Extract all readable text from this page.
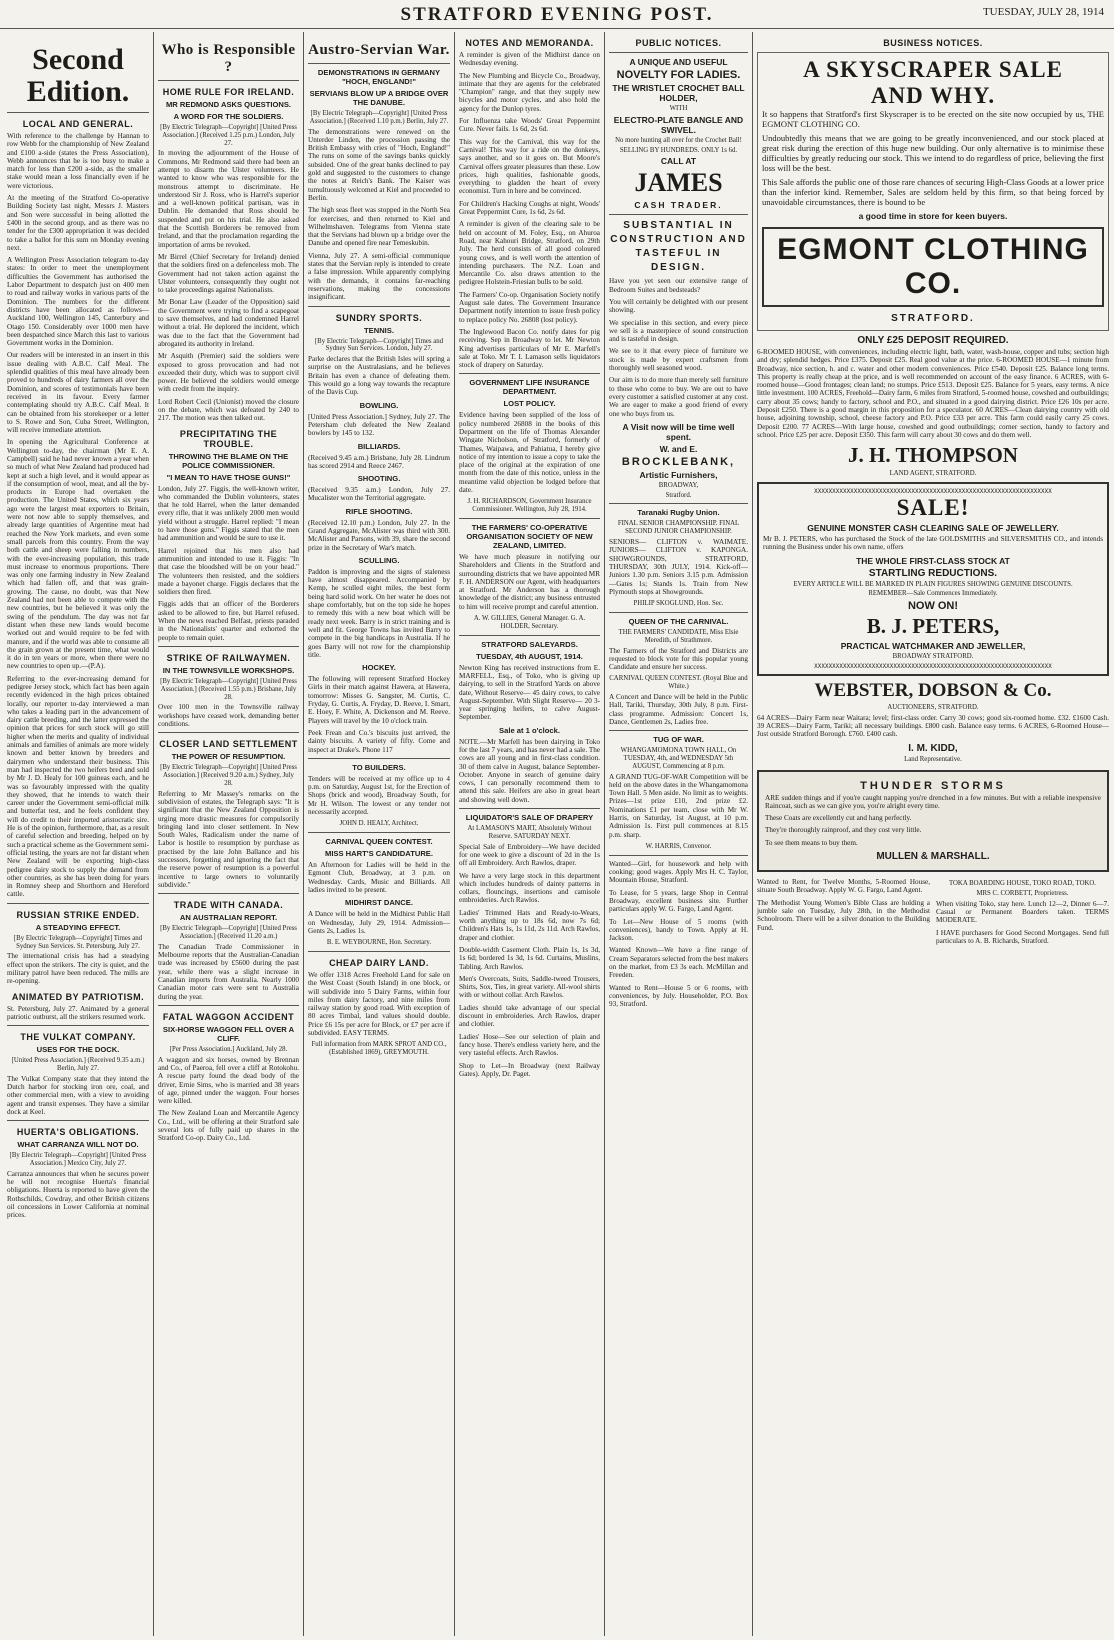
STRATFORD EVENING POST.	TUESDAY, JULY 28, 1914
Second Edition.
LOCAL AND GENERAL.

With reference to the challenge by Hannan to row Webb for the championship of New Zealand and £100 a-side (states the Press Association), Webb announces that he is too busy to make a match for less than £200 a-side, as the smaller stake would mean a loss financially even if he were victorious.

At the meeting of the Stratford Co-operative Building Society last night, Messrs J. Masters and Son were successful in being allotted the £400 in the second group, and as there was no tender for the £300 appropriation it was decided to take a ballot for this sum on Monday evening next.

A Wellington Press Association telegram to-day states: In order to meet the unemployment difficulties the Government has authorised the Labor Department to despatch just on 400 men to road and railway works in various parts of the Dominion. The numbers for the different districts have been allocated as follows—Auckland 100, Wellington 145, Canterbury and Otago 150. Considerably over 1000 men have been despatched since March this last to various Government works in the Dominion.

Our readers will be interested in an insert in this issue dealing with A.B.C. Calf Meal. The splendid qualities of this meal have already been proved to hundreds of dairy farmers all over the Dominion, and scores of testimonials have been received in its favour. Every farmer contemplating should try A.B.C. Calf Meal. It can be obtained from his storekeeper or a letter to S. Rowe and Son, Cuba Street, Wellington, will receive immediate attention.

In opening the Agricultural Conference at Wellington to-day, the chairman (Mr E. A. Campbell) said he had never known a year when so much of what New Zealand had produced had kept at such a high level, and it would appear as if the consumption of wool, meat, and all the by-products in Europe had overtaken the production. The United States, which six years ago were the largest meat exporters to Britain, were not now able to supply themselves, and already large quantities of Argentine meat had reached the New York markets, and even some small parcels from this country. From the way both cattle and sheep were falling in numbers, with the ever-increasing population, this trade must increase to enormous proportions. There was only one farming industry in New Zealand which had fallen off, and that was grain-growing. The cause, no doubt, was that New Zealand had not been able to compete with the new countries, but he believed it was only the swing of the pendulum. The day was not far distant when these new lands would become worked out and would require to be fed with manure, and if the world was able to consume all the grain grown at the present time, what would it do in ten years or more, when there were no new countries to open up.—(P.A).

Referring to the ever-increasing demand for pedigree Jersey stock, which fact has been again recently evidenced in the high prices obtained locally, our reporter to-day interviewed a man who takes a leading part in the advancement of dairy cattle breeding, and the latter expressed the opinion that prices for such stock will go still higher when the merits and quality of individual animals and families of animals are more widely known and better known by breeders and dairymen who understand their business. This man had inspected the two heifers bred and sold by Mr J. D. Healy for 100 guineas each, and he was so favourably impressed with the quality they showed, that he intends to watch their career under the Government semi-official milk and butterfat test, and he feels confident they will do credit to their imported aristocratic sire. He is of the opinion, furthermore, that, as a result of careful selection and breeding, helped on by such a practical scheme as the Government semi-official testing, the years are not far distant when New Zealand will be exporting high-class pedigree dairy stock to supply the demand from other countries, as she has been doing for years in Romney sheep and Shorthorn and Hereford cattle.

RUSSIAN STRIKE ENDED.
A STEADYING EFFECT.
[By Electric Telegraph—Copyright] Times and Sydney Sun Services. St. Petersburg, July 27.

The international crisis has had a steadying effect upon the strikers. The city is quiet, and the military patrol have been reduced. The mills are re-opening.

ANIMATED BY PATRIOTISM.

St. Petersburg, July 27. Animated by a general patriotic outburst, all the strikers resumed work.

THE VULKAT COMPANY.
USES FOR THE DOCK.
[United Press Association.] (Received 9.35 a.m.) Berlin, July 27.

The Vulkat Company state that they intend the Dutch harbor for stocking iron ore, coal, and other commercial men, with a view to avoiding agent and transit expenses. They have a similar dock at Keel.

HUERTA'S OBLIGATIONS.
WHAT CARRANZA WILL NOT DO.
[By Electric Telegraph—Copyright] [United Press Association.] Mexico City, July 27.

Carranza announces that when he secures power he will not recognise Huerta's financial obligations. Huerta is reported to have given the Rothschilds, Cowdray, and other British citizens oil concessions in Lower California at nominal prices.

Who is Responsible ?
HOME RULE FOR IRELAND.
MR REDMOND ASKS QUESTIONS.
A WORD FOR THE SOLDIERS.
[By Electric Telegraph—Copyright] [United Press Association.] (Received 1.25 p.m.) London, July 27.

In moving the adjournment of the House of Commons, Mr Redmond said there had been an attempt to disarm the Ulster volunteers. He wanted to know who was responsible for the monstrous attempt to discriminate. He understood Sir J. Ross, who is Harrel's superior and a well-known political partisan, was in Dublin. He demanded that Ross should be suspended and put on his trial. He also asked that the Scottish Borderers be removed from Ireland, and that the proclamation regarding the importation of arms be revoked.

Mr Birrel (Chief Secretary for Ireland) denied that the soldiers fired on a defenceless mob. The Government had not taken action against the Ulster volunteers, consequently they ought not to take proceedings against Nationalists.

Mr Bonar Law (Leader of the Opposition) said the Government were trying to find a scapegoat to save themselves, and had condemned Harrel without a trial. He deplored the incident, which was due to the fact that the Government had abrogated its authority in Ireland.

Mr Asquith (Premier) said the soldiers were exposed to gross provocation and had not exceeded their duty, which was to support civil power. He believed the soldiers would emerge with credit from the inquiry.

Lord Robert Cecil (Unionist) moved the closure on the debate, which was defeated by 240 to 217. The motion was then talked out.

PRECIPITATING THE TROUBLE.
THROWING THE BLAME ON THE POLICE COMMISSIONER.
"I MEAN TO HAVE THOSE GUNS!"

London, July 27. Figgis, the well-known writer, who commanded the Dublin volunteers, states that he told Harrel, when the latter demanded every rifle, that it was unlikely 2000 men would yield without a struggle. Harrel replied: "I mean to have those guns." Figgis stated that the men had ammunition and would be sure to use it.

Harrel rejoined that his men also had ammunition and intended to use it. Figgis: "In that case the bloodshed will be on your head." The volunteers then resisted, and the soldiers made a bayonet charge. Figgis declares that the soldiers then fired.

Figgis adds that an officer of the Borderers asked to be allowed to fire, but Harrel refused. When the news reached Belfast, priests paraded in the Nationalists' quarter and exhorted the people to remain quiet.

STRIKE OF RAILWAYMEN.
IN THE TOWNSVILLE WORKSHOPS.
[By Electric Telegraph—Copyright] [United Press Association.] (Received 1.55 p.m.) Brisbane, July 28.

Over 100 men in the Townsville railway workshops have ceased work, demanding better conditions.

CLOSER LAND SETTLEMENT
THE POWER OF RESUMPTION.
[By Electric Telegraph—Copyright] [United Press Association.] (Received 9.20 a.m.) Sydney, July 28.

Referring to Mr Massey's remarks on the subdivision of estates, the Telegraph says: "It is significant that the New Zealand Opposition is urging more drastic measures for compulsorily bringing land into closer settlement. In New South Wales, Radicalism under the name of Labor is hostile to resumption by purchase as practised by the late John Ballance and his successors, forgetting and ignoring the fact that the reserve power of resumption is a powerful incentive to large owners to voluntarily subdivide."

TRADE WITH CANADA.
AN AUSTRALIAN REPORT.
[By Electric Telegraph—Copyright] [United Press Association.] (Received 11.20 a.m.)

The Canadian Trade Commissioner in Melbourne reports that the Australian-Canadian trade was increased by £5600 during the past year, while there was a slight increase in Canadian imports from Australia. Nearly 1000 Canadian motor cars were sent to Australia during the year.

FATAL WAGGON ACCIDENT
SIX-HORSE WAGGON FELL OVER A CLIFF.
[Per Press Association.] Auckland, July 28.

A waggon and six horses, owned by Brennan and Co., of Paeroa, fell over a cliff at Rotokohu. A rescue party found the dead body of the driver, Ernie Sims, who is married and 38 years of age, pinned under the waggon. Four horses were killed.

The New Zealand Loan and Mercantile Agency Co., Ltd., will be offering at their Stratford sale several lots of fully paid up shares in the Stratford Co-op. Dairy Co., Ltd.

Austro-Servian War.
DEMONSTRATIONS IN GERMANY "HOCH, ENGLAND!"
SERVIANS BLOW UP A BRIDGE OVER THE DANUBE.
[By Electric Telegraph—Copyright] [United Press Association.] (Received 1.10 p.m.) Berlin, July 27.

The demonstrations were renewed on the Unterder Linden, the procession passing the British Embassy with cries of "Hoch, England!" The runs on some of the savings banks quickly subsided. One of the great banks declined to pay gold and suggested to the customers to change the notes at Reich's Bank. The Kaiser was tumultuously welcomed at Kiel and proceeded to Berlin.

The high seas fleet was stopped in the North Sea for exercises, and then returned to Kiel and Wilhelmshaven. Telegrams from Vienna state that the Servians had blown up a bridge over the Danube and opened fire near Temeskubin.

Vienna, July 27. A semi-official communique states that the Servian reply is intended to create a false impression. While apparently complying with the demands, it contains far-reaching reservations, making the concessions insignificant.

SUNDRY SPORTS.
TENNIS.
[By Electric Telegraph—Copyright] Times and Sydney Sun Services. London, July 27.

Parke declares that the British Isles will spring a surprise on the Australasians, and he believes Britain has even a chance of defeating them. This would go a long way towards the recapture of the Davis Cup.

BOWLING.

[United Press Association.] Sydney, July 27. The Petersham club defeated the New Zealand bowlers by 145 to 132.

BILLIARDS.

(Received 9.45 a.m.) Brisbane, July 28. Lindrum has scored 2914 and Reece 2467.

SHOOTING.

(Received 9.35 a.m.) London, July 27. Mucalister won the Territorial aggregate.

RIFLE SHOOTING.

(Received 12.10 p.m.) London, July 27. In the Grand Aggregate, McAlister was third with 300. McAlister and Parsons, with 39, share the second prize in the Secretary of War's match.

SCULLING.

Paddon is improving and the signs of staleness have almost disappeared. Accompanied by Kemp, he sculled eight miles, the best form being hard solid work. On her water he does not shape comfortably, but on the top side he hopes to remedy this with a new boat which will be ready next week. Barry is in strict training and is well and fit. George Towns has invited Barry to compete in the big handicaps in Australia. If he goes Barry will not row for the championship title.

HOCKEY.

The following will represent Stratford Hockey Girls in their match against Hawera, at Hawera, tomorrow: Misses G. Sangster, M. Curtis, C. Fryday, G. Curtis, A. Fryday, D. Reeve, I. Smart, E. Hoey, F. White, A. Dickenson and M. Reeve. Players will travel by the 10 o'clock train.

Peek Frean and Co.'s biscuits just arrived, the dainty biscuits. A variety of fifty. Come and inspect at Drake's. Phone 117

TO BUILDERS.

Tenders will be received at my office up to 4 p.m. on Saturday, August 1st, for the Erection of Shops (brick and wood), Broadway South, for Mr H. Wilson. The lowest or any tender not necessarily accepted.

JOHN D. HEALY, Architect.
CARNIVAL QUEEN CONTEST.
MISS HART'S CANDIDATURE.

An Afternoon for Ladies will be held in the Egmont Club, Broadway, at 3 p.m. on Wednesday. Cards, Music and Billiards. All ladies invited to be present.

MIDHIRST DANCE.

A Dance will be held in the Midhirst Public Hall on Wednesday, July 29, 1914. Admission—Gents 2s, Ladies 1s.

B. E. WEYBOURNE, Hon. Secretary.
CHEAP DAIRY LAND.

We offer 1318 Acres Freehold Land for sale on the West Coast (South Island) in one block, or will subdivide into 5 Dairy Farms, within four miles from dairy factory, and nine miles from railway station by good road. With exception of 80 acres Timbal, land values should double. Price £6 15s per acre for Block, or £7 per acre if subdivided. EASY TERMS.

Full information from MARK SPROT AND CO., (Established 1869), GREYMOUTH.
NOTES AND MEMORANDA.

A reminder is given of the Midhirst dance on Wednesday evening.

The New Plumbing and Bicycle Co., Broadway, intimate that they are agents for the celebrated "Champion" range, and that they supply new bicycles and motor cycles, and also hold the agency for the Dunlop tyres.

For Influenza take Woods' Great Peppermint Cure. Never fails. 1s 6d, 2s 6d.

This way for the Carnival, this way for the Carnival! This way for a ride on the donkeys, says another, and so it goes on. But Moore's Carnival offers greater pleasures than these. Low prices, high qualities, fashionable goods, everything to gladden the heart of every economist. Turn in here and be convinced.

For Children's Hacking Coughs at night, Woods' Great Peppermint Cure, 1s 6d, 2s 6d.

A reminder is given of the clearing sale to be held on account of M. Foley, Esq., on Ahuroa Road, near Kahouri Bridge, Stratford, on 29th July. The herd consists of all good coloured young cows, and is well worth the attention of intending purchasers. The N.Z. Loan and Mercantile Co. also draws attention to the pedigree Holstein-Friesian bulls to be sold.

The Farmers' Co-op. Organisation Society notify August sale dates. The Government Insurance Department notify intention to issue fresh policy to replace policy No. 26808 (lost policy).

The Inglewood Bacon Co. notify dates for pig receiving. Sep in Broadway to let. Mr Newton King advertises particulars of Mr E. Marfell's sale at Toko. Mr T. I. Lamason sells liquidators stock of drapery on Saturday.

GOVERNMENT LIFE INSURANCE DEPARTMENT.
LOST POLICY.

Evidence having been supplied of the loss of policy numbered 26808 in the books of this Department on the life of Thomas Alexander Wingate Nicholson, of Stratford, formerly of Thames, Waipawa, and Pahiatua, I hereby give notice of my intention to issue a copy to take the place of the original at the expiration of one month from the date of this notice, unless in the meantime valid objection be lodged before that date.

J. H. RICHARDSON, Government Insurance Commissioner. Wellington, July 28, 1914.
THE FARMERS' CO-OPERATIVE ORGANISATION SOCIETY OF NEW ZEALAND, LIMITED.

We have much pleasure in notifying our Shareholders and Clients in the Stratford and surrounding districts that we have appointed MR F. H. ANDERSON our Agent, with headquarters at Stratford. Mr Anderson has a thorough knowledge of the district; any business entrusted to him will receive prompt and careful attention.

A. W. GILLIES, General Manager. G. A. HOLDER, Secretary.
STRATFORD SALEYARDS.
TUESDAY, 4th AUGUST, 1914.

Newton King has received instructions from E. MARFELL, Esq., of Toko, who is giving up dairying, to sell in the Stratford Yards on above date, Without Reserve— 45 dairy cows, to calve August-September. With Slight Reserve— 20 3-year springing heifers, to calve August-September.

Sale at 1 o'clock.

NOTE.—Mr Marfell has been dairying in Toko for the last 7 years, and has never had a sale. The cows are all young and in first-class condition. 30 of them calve in August, balance September-October. Anyone in search of genuine dairy cows, I can personally recommend them to attend this sale. Heifers are also in great heart and showing well down.

LIQUIDATOR'S SALE OF DRAPERY
At LAMASON'S MART, Absolutely Without Reserve. SATURDAY NEXT.

Special Sale of Embroidery—We have decided for one week to give a discount of 2d in the 1s off all Embroidery. Arch Rawlos, draper.

We have a very large stock in this department which includes hundreds of dainty patterns in collars, flouncings, insertions and camisole embroideries. Arch Rawlos.

Ladies' Trimmed Hats and Ready-to-Wears, worth anything up to 18s 6d, now 7s 6d; Children's Hats 1s, 1s 11d, 2s 11d. Arch Rawlos, draper and clothier.

Double-width Casement Cloth. Plain 1s, 1s 3d, 1s 6d; bordered 1s 3d, 1s 6d. Curtains, Muslins, Tabling. Arch Rawlos.

Men's Overcoats, Suits, Saddle-tweed Trousers, Shirts, Sox, Ties, in great variety. All-wool shirts with or without collar. Arch Rawlos.

Ladies should take advantage of our special discount in embroideries. Arch Rawlos, draper and clothier.

Ladies' Hose—See our selection of plain and fancy hose. There's endless variety here, and the very tasteful effects. Arch Rawlos.

Shop to Let—In Broadway (next Railway Gates). Apply, Dr. Paget.

PUBLIC NOTICES.
A UNIQUE AND USEFUL
NOVELTY FOR LADIES.
THE WRISTLET CROCHET BALL HOLDER,
WITH
ELECTRO-PLATE BANGLE AND SWIVEL.
No more hunting all over for the Crochet Ball!
SELLING BY HUNDREDS. ONLY 1s 6d.
CALL AT
JAMES
CASH TRADER.
SUBSTANTIAL IN CONSTRUCTION AND TASTEFUL IN DESIGN.

Have you yet seen our extensive range of Bedroom Suites and bedsteads?

You will certainly be delighted with our present showing.

We specialise in this section, and every piece we sell is a masterpiece of sound construction and is tasteful in design.

We see to it that every piece of furniture we stock is made by expert craftsmen from thoroughly well seasoned wood.

Our aim is to do more than merely sell furniture to those who come to buy. We are out to have every customer a satisfied customer at any cost. We are eager to make a good friend of every one who buys from us.

A Visit now will be time well spent.
W. and E.
BROCKLEBANK,
Artistic Furnishers,
BROADWAY,
Stratford.
Taranaki Rugby Union.
FINAL SENIOR CHAMPIONSHIP. FINAL SECOND JUNIOR CHAMPIONSHIP.

SENIORS— CLIFTON v. WAIMATE. JUNIORS— CLIFTON v. KAPONGA. SHOWGROUNDS, STRATFORD, THURSDAY, 30th JULY, 1914. Kick-off—Juniors 1.30 p.m. Seniors 3.15 p.m. Admission—Gates 1s; Stands 1s. Train from New Plymouth stops at Showgrounds.

PHILIP SKOGLUND, Hon. Sec.
QUEEN OF THE CARNIVAL.
THE FARMERS' CANDIDATE, Miss Elsie Meredith, of Strathmore.

The Farmers of the Stratford and Districts are requested to block vote for this popular young Candidate and ensure her success.

CARNIVAL QUEEN CONTEST. (Royal Blue and White.)

A Concert and Dance will be held in the Public Hall, Tariki, Thursday, 30th July, 8 p.m. First-class programme. Admission: Concert 1s, Dance, Gentlemen 2s, Ladies free.

TUG OF WAR.
WHANGAMOMONA TOWN HALL, On TUESDAY, 4th, and WEDNESDAY 5th AUGUST, Commencing at 8 p.m.

A GRAND TUG-OF-WAR Competition will be held on the above dates in the Whangamomona Town Hall. 5 Men aside. No limit as to weights. Prizes—1st prize £10, 2nd prize £2. Nominations £1 per team, close with Mr W. Harris, on Saturday, 1st August, at 10 p.m. Admission 1s. First pull commences at 8.15 p.m. sharp.

W. HARRIS, Convenor.

Wanted—Girl, for housework and help with cooking; good wages. Apply Mrs H. C. Taylor, Mountain House, Stratford.

To Lease, for 5 years, large Shop in Central Broadway, excellent business site. Further particulars apply W. G. Fargo, Land Agent.

To Let—New House of 5 rooms (with conveniences), handy to Town. Apply at H. Jackson.

Wanted Known—We have a fine range of Cream Separators selected from the best makers on the market, from £3 3s each. McMillan and Freeden.

Wanted to Rent—House 5 or 6 rooms, with conveniences, by July. Householder, P.O. Box 93, Stratford.

BUSINESS NOTICES.
A SKYSCRAPER SALE
AND WHY.

It so happens that Stratford's first Skyscraper is to be erected on the site now occupied by us, THE EGMONT CLOTHING CO.

Undoubtedly this means that we are going to be greatly inconvenienced, and our stock placed at great risk during the erection of this huge new building. Our only alternative is to minimise these difficulties by greatly reducing our stock. This we intend to do regardless of price, believing the first loss will be the best.

This Sale affords the public one of those rare chances of securing High-Class Goods at a lower price than the inferior kind. Remember, Sales are seldom held by this firm, so that being forced by unavoidable circumstances, there is bound to be

a good time in store for keen buyers.
EGMONT CLOTHING CO.
STRATFORD.
ONLY £25 DEPOSIT REQUIRED.

6-ROOMED HOUSE, with conveniences, including electric light, bath, water, wash-house, copper and tubs; section high and dry; splendid hedges. Price £375. Deposit £25. Real good value at the price. 6-ROOMED HOUSE—1 minute from Broadway, nice section, h. and c. water and other modern conveniences. Price £540. Deposit £25. Balance long terms. This property is really cheap at the price, and is well recommended on account of the easy finance. 6 ACRES, with 6-roomed house—Good frontages; clean land; no stumps. Price £513. Deposit £25. Balance for 5 years, easy terms. A nice little investment. 100 ACRES, Freehold—Dairy farm, 6 miles from Stratford, 5-roomed house, cowshed and outbuildings; carry about 35 cows; handy to factory, school and P.O., and situated in a good dairying district. Price £26 10s per acre. Deposit £250. There is a good margin in this proposition for a speculator. 60 ACRES—Clean dairying country with old house, adjoining township, school, cheese factory and P.O. Price £33 per acre. This farm could easily carry 25 cows. Deposit £200. 77 ACRES—With large house, cowshed and good outbuildings; corner section, handy to factory and school. Price £25 per acre. Deposit £350. This farm will carry about 30 cows and do them well.

J. H. THOMPSON
LAND AGENT, STRATFORD.
XXXXXXXXXXXXXXXXXXXXXXXXXXXXXXXXXXXXXXXXXXXXXXXXXXXXXXXXXXXXXXXXXX
SALE!
GENUINE MONSTER CASH CLEARING SALE OF JEWELLERY.

Mr B. J. PETERS, who has purchased the Stock of the late GOLDSMITHS and SILVERSMITHS CO., and intends running the Business under his own name, offers

THE WHOLE FIRST-CLASS STOCK AT
STARTLING REDUCTIONS.
EVERY ARTICLE WILL BE MARKED IN PLAIN FIGURES SHOWING GENUINE DISCOUNTS.
REMEMBER—Sale Commences Immediately.
NOW ON!
B. J. PETERS,
PRACTICAL WATCHMAKER AND JEWELLER,
BROADWAY STRATFORD.
XXXXXXXXXXXXXXXXXXXXXXXXXXXXXXXXXXXXXXXXXXXXXXXXXXXXXXXXXXXXXXXXXX
WEBSTER, DOBSON & Co.
AUCTIONEERS, STRATFORD.

64 ACRES—Dairy Farm near Waitara; level; first-class order. Carry 30 cows; good six-roomed home. £32. £1600 Cash. 39 ACRES—Dairy Farm, Tariki; all necessary buildings. £800 cash. Balance easy terms. 6 ACRES, 6-Roomed House—Just outside Stratford Borough. £760. £400 cash.

I. M. KIDD,
Land Representative.
THUNDER STORMS

ARE sudden things and if you're caught napping you're drenched in a few minutes. But with a reliable inexpensive Raincoat, such as we can give you, you're alright every time.

These Coats are excellently cut and hang perfectly.

They're thoroughly rainproof, and they cost very little.

To see them means to buy them.

MULLEN & MARSHALL.

Wanted to Rent, for Twelve Months, 5-Roomed House, situate South Broadway. Apply W. G. Fargo, Land Agent.

The Methodist Young Women's Bible Class are holding a jumble sale on Tuesday, July 28th, in the Methodist Schoolroom. There will be a silver donation to the Building Fund.

TOKA BOARDING HOUSE, TOKO ROAD, TOKO.
MRS C. CORBETT, Proprietress.

When visiting Toko, stay here. Lunch 12—2, Dinner 6—7. Casual or Permanent Boarders taken. TERMS MODERATE.

I HAVE purchasers for Good Second Mortgages. Send full particulars to A. B. Richards, Stratford.
